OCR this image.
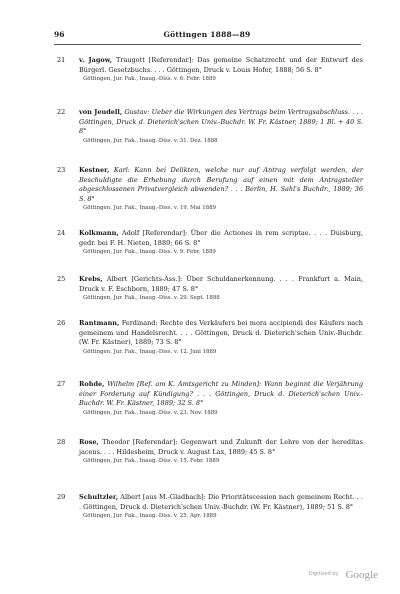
96	Göttingen 1888—89
21	v. Jagow, Traugott [Referendar]: Das gemeine Schatzrecht und der Entwurf des Bürgerl. Gesetzbuchs. . . . Göttingen, Druck v. Louis Hofer, 1888; 56 S. 8°
Göttingen, Jur. Fak., Inaug.-Diss. v. 6. Febr. 1889
22	von Jeudell, Gustav: Ueber die Wirkungen des Vertrags beim Vertragsabschluss. . . . Göttingen, Druck d. Dieterich'schen Univ.-Buchdr. W. Fr. Kästner, 1889; 1 Bl. + 40 S. 8°
Göttingen, Jur. Fak., Inaug.-Diss. v. 31. Dez. 1888
23	Kestner, Karl: Kann bei Delikten, welche nur auf Antrag verfolgt werden, der Beschuldigte die Erhebung durch Berufung auf einen mit dem Antragsteller abgeschlossenen Privatvergleich abwenden? . . . Berlin, H. Sahl's Buchdr., 1889; 36 S. 8°
Göttingen, Jur. Fak., Inaug.-Diss. v. 19. Mai 1889
24	Kolkmann, Adolf [Referendar]: Über die Actiones in rem scriptae. . . . Duisburg, gedr. bei F. H. Nieten, 1889; 66 S. 8°
Göttingen, Jur. Fak., Inaug.-Diss. v. 9. Febr. 1889
25	Krebs, Albert [Gerichts-Ass.]: Über Schuldanerkennung. . . . Frankfurt a. Main, Druck v. F. Eschborn, 1889; 47 S. 8°
Göttingen, Jur. Fak., Inaug.-Diss. v. 29. Sept. 1888
26	Rantmann, Ferdinand: Rechte des Verkäufers bei mora accipiendi des Käufers nach gemeinem und Handelsrecht. . . . Göttingen, Druck d. Dieterich'schen Univ.-Buchdr. (W. Fr. Kästner), 1889; 73 S. 8°
Göttingen, Jur. Fak., Inaug.-Diss. v. 12. Juni 1889
27	Rohde, Wilhelm [Ref. am K. Amtsgericht zu Minden]: Wann beginnt die Verjährung einer Forderung auf Kündigung? . . . Göttingen, Druck d. Dieterich'schen Univ.-Buchdr. W. Fr. Kästner, 1889; 32 S. 8°
Göttingen, Jur. Fak., Inaug.-Diss. v. 23. Nov. 1889
28	Rose, Theodor [Referendar]: Gegenwart und Zukunft der Lehre von der hereditas jacens. . . . Hildesheim, Druck v. August Lax, 1889; 45 S. 8°
Göttingen, Jur. Fak., Inaug.-Diss. v. 15. Febr. 1889
29	Schultzler, Albert [aus M.-Gladbach]: Die Prioritätscession nach gemeinem Recht. . . . Göttingen, Druck d. Dieterich'schen Univ.-Buchdr. (W. Fr. Kästner), 1889; 51 S. 8°
Göttingen, Jur. Fak., Inaug.-Diss. v. 25. Apr. 1889
Digitized by Google
